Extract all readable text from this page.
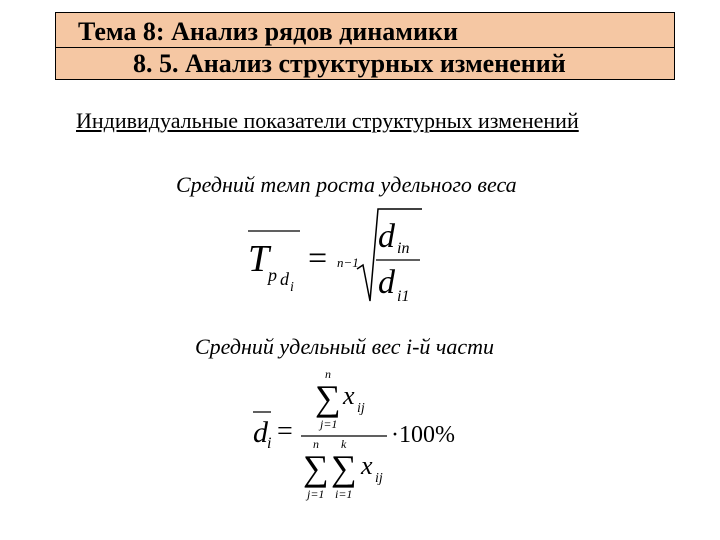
Тема 8: Анализ рядов динамики
8. 5. Анализ структурных изменений
Индивидуальные показатели структурных изменений
Средний темп роста удельного веса
T
p d i
= n−1
d in
d i1
Средний удельный вес i-й части
d i =
n
∑ x ij
j=1
n k
∑ ∑ x ij
j=1 i=1
·100%
